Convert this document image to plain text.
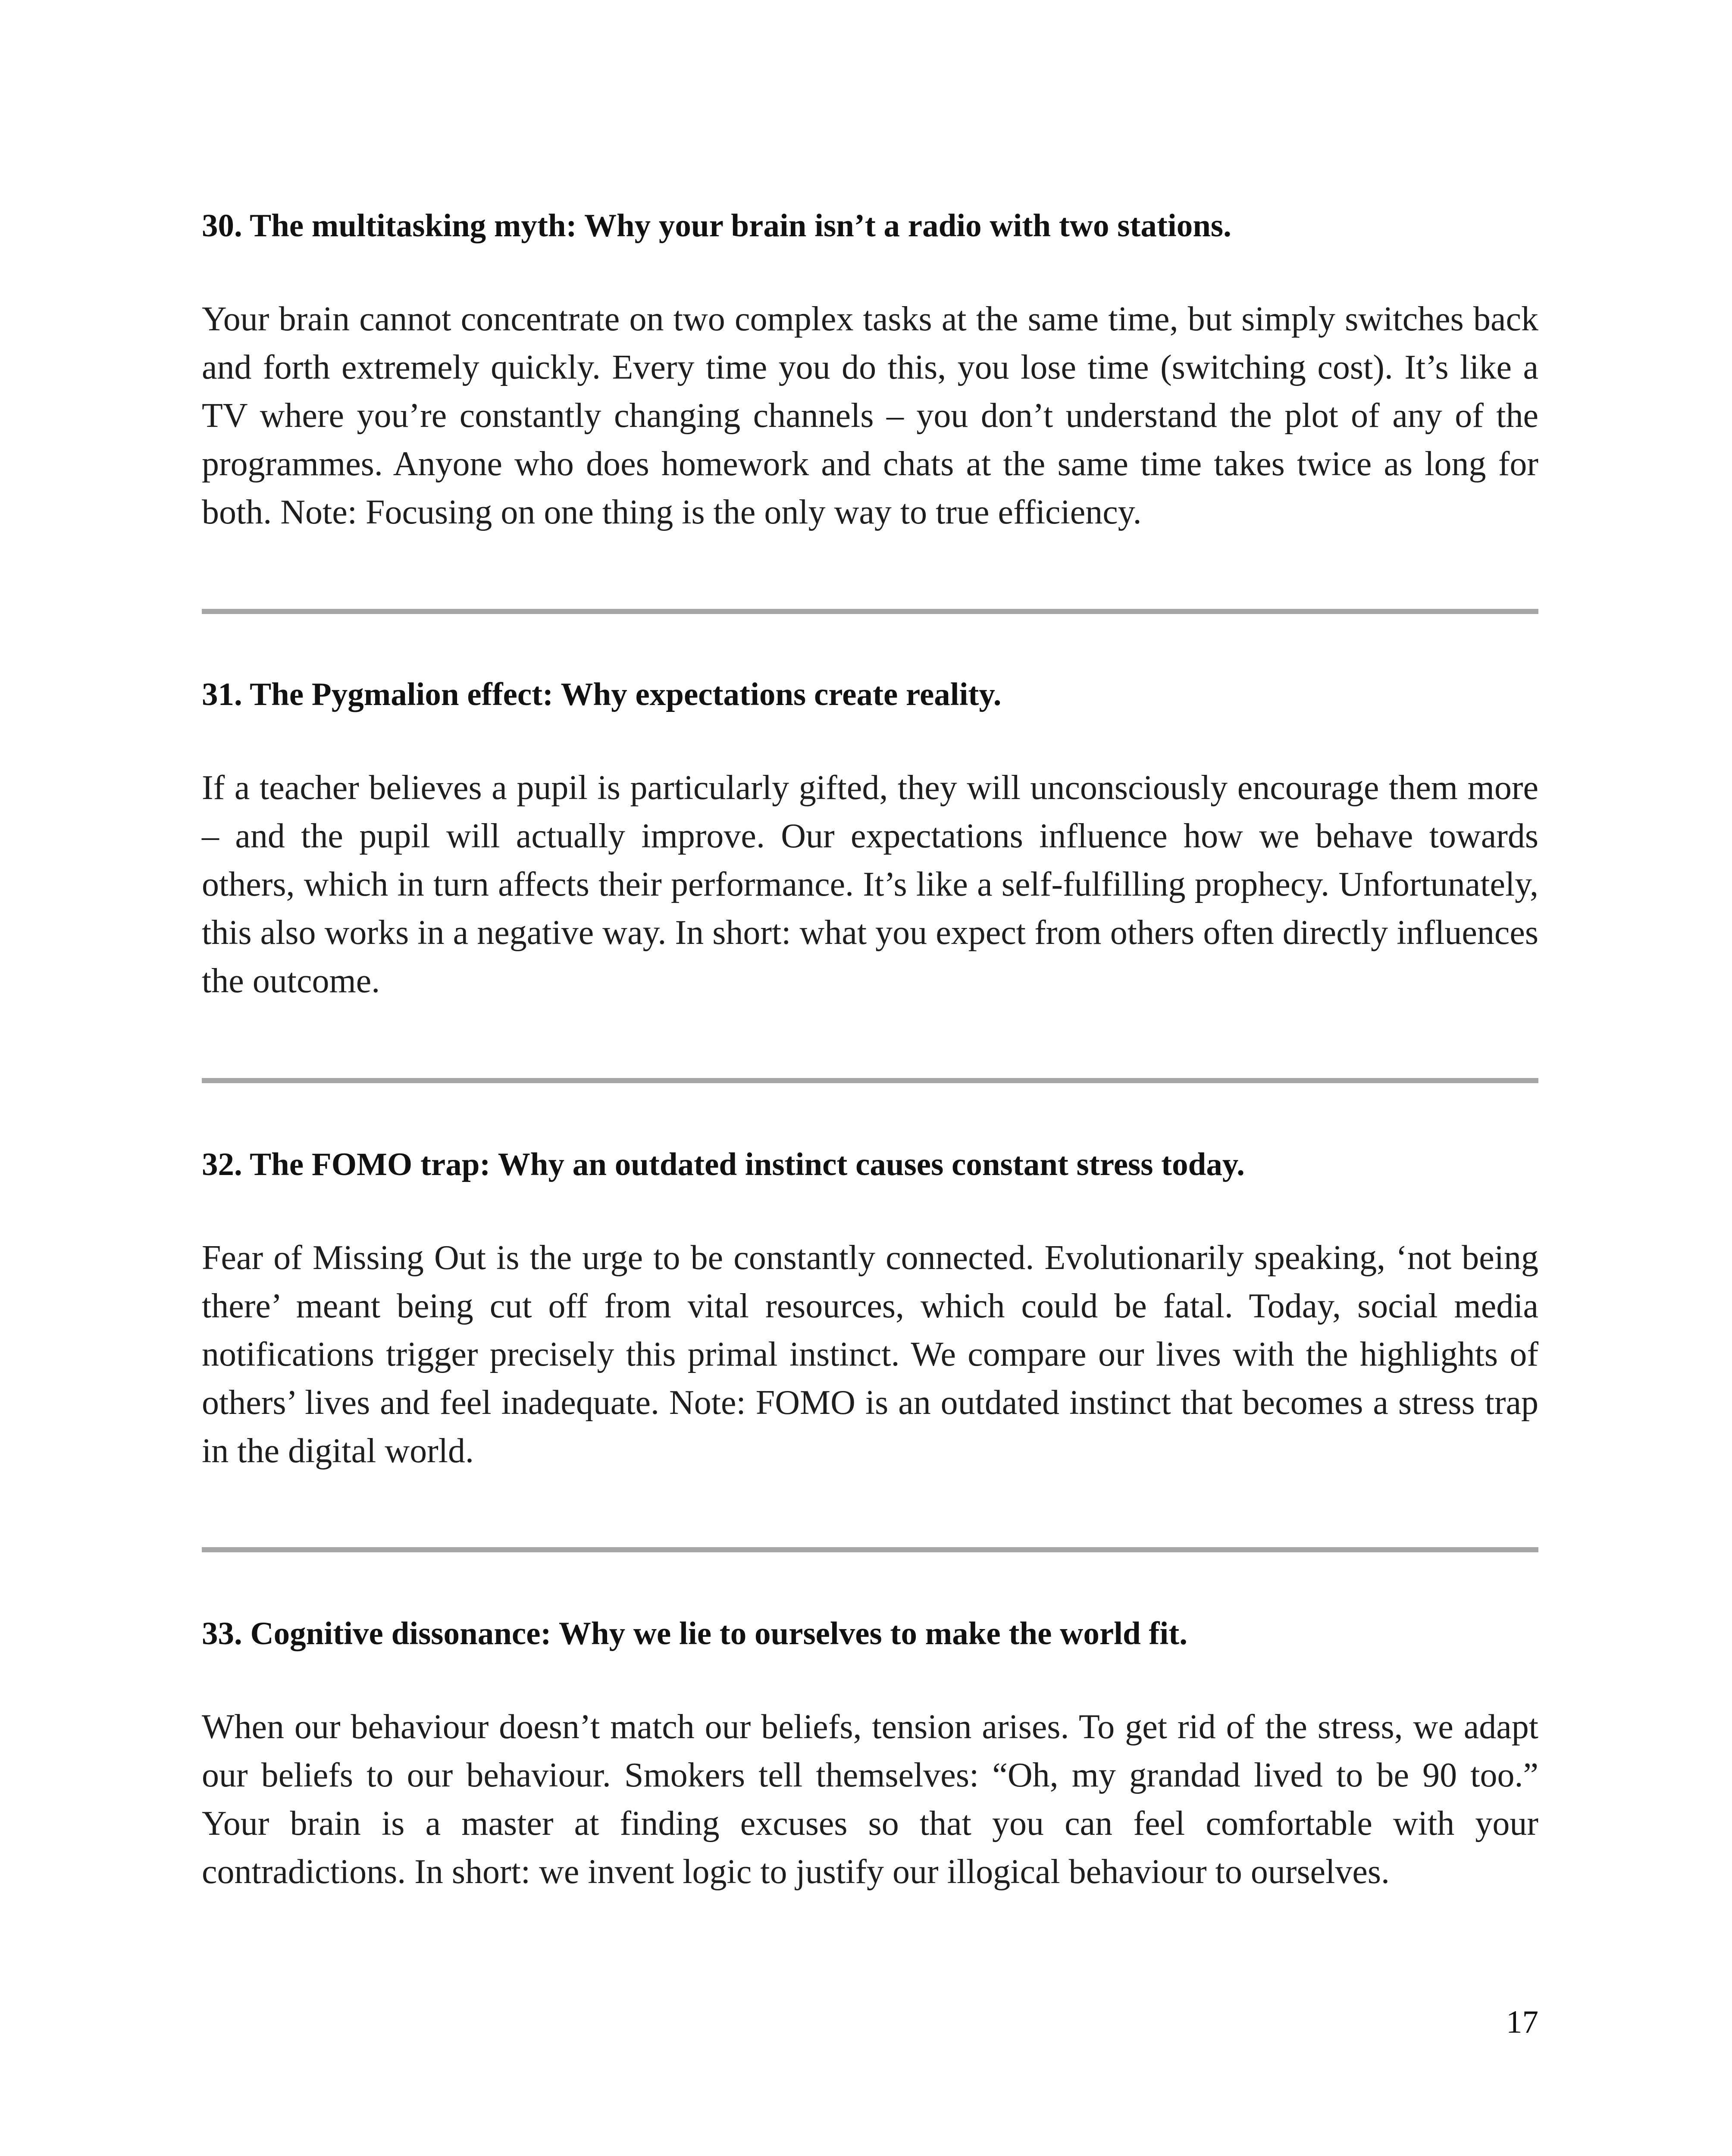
30. The multitasking myth: Why your brain isn’t a radio with two stations.

Your brain cannot concentrate on two complex tasks at the same time, but simply switches back and forth extremely quickly. Every time you do this, you lose time (switching cost). It’s like a TV where you’re constantly changing channels – you don’t understand the plot of any of the programmes. Anyone who does homework and chats at the same time takes twice as long for both. Note: Focusing on one thing is the only way to true efficiency.

31. The Pygmalion effect: Why expectations create reality.

If a teacher believes a pupil is particularly gifted, they will unconsciously encourage them more – and the pupil will actually improve. Our expectations influence how we behave towards others, which in turn affects their performance. It’s like a self-fulfilling prophecy. Unfortunately, this also works in a negative way. In short: what you expect from others often directly influences the outcome.

32. The FOMO trap: Why an outdated instinct causes constant stress today.

Fear of Missing Out is the urge to be constantly connected. Evolutionarily speaking, ‘not being there’ meant being cut off from vital resources, which could be fatal. Today, social media notifications trigger precisely this primal instinct. We compare our lives with the highlights of others’ lives and feel inadequate. Note: FOMO is an outdated instinct that becomes a stress trap in the digital world.

33. Cognitive dissonance: Why we lie to ourselves to make the world fit.

When our behaviour doesn’t match our beliefs, tension arises. To get rid of the stress, we adapt our beliefs to our behaviour. Smokers tell themselves: “Oh, my grandad lived to be 90 too.” Your brain is a master at finding excuses so that you can feel comfortable with your contradictions. In short: we invent logic to justify our illogical behaviour to ourselves.

17
